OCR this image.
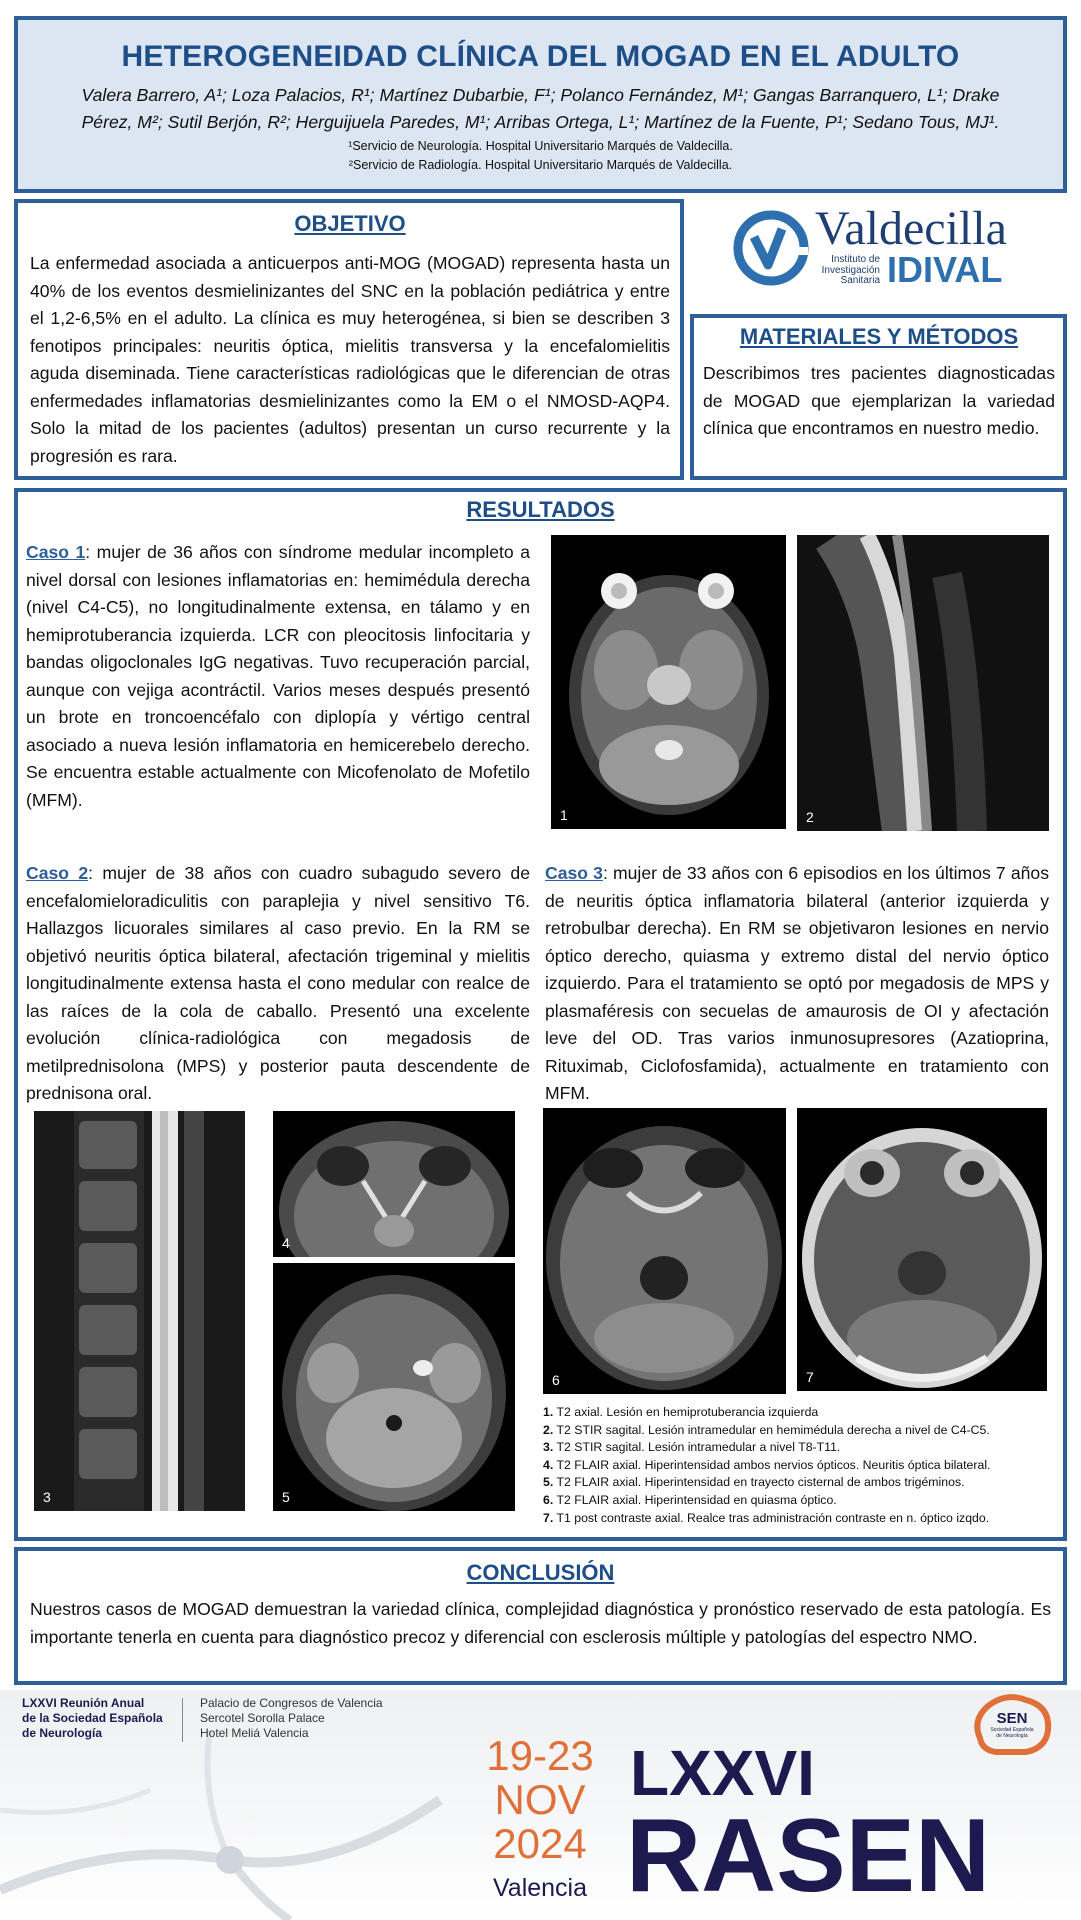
HETEROGENEIDAD CLÍNICA DEL MOGAD EN EL ADULTO
Valera Barrero, A¹; Loza Palacios, R¹; Martínez Dubarbie, F¹; Polanco Fernández, M¹; Gangas Barranquero, L¹; Drake
Pérez, M²; Sutil Berjón, R²; Herguijuela Paredes, M¹; Arribas Ortega, L¹; Martínez de la Fuente, P¹; Sedano Tous, MJ¹.
¹Servicio de Neurología. Hospital Universitario Marqués de Valdecilla.
²Servicio de Radiología. Hospital Universitario Marqués de Valdecilla.
OBJETIVO

La enfermedad asociada a anticuerpos anti-MOG (MOGAD) representa hasta un 40% de los eventos desmielinizantes del SNC en la población pediátrica y entre el 1,2-6,5% en el adulto. La clínica es muy heterogénea, si bien se describen 3 fenotipos principales: neuritis óptica, mielitis transversa y la encefalomielitis aguda diseminada. Tiene características radiológicas que le diferencian de otras enfermedades inflamatorias desmielinizantes como la EM o el NMOSD-AQP4. Solo la mitad de los pacientes (adultos) presentan un curso recurrente y la progresión es rara.

Valdecilla
Instituto de
Investigación
Sanitaria IDIVAL
MATERIALES Y MÉTODOS

Describimos tres pacientes diagnosticadas de MOGAD que ejemplarizan la variedad clínica que encontramos en nuestro medio.

RESULTADOS

Caso 1: mujer de 36 años con síndrome medular incompleto a nivel dorsal con lesiones inflamatorias en: hemimédula derecha (nivel C4-C5), no longitudinalmente extensa, en tálamo y en hemiprotuberancia izquierda. LCR con pleocitosis linfocitaria y bandas oligoclonales IgG negativas. Tuvo recuperación parcial, aunque con vejiga acontráctil. Varios meses después presentó un brote en troncoencéfalo con diplopía y vértigo central asociado a nueva lesión inflamatoria en hemicerebelo derecho. Se encuentra estable actualmente con Micofenolato de Mofetilo (MFM).

1	2

Caso 2: mujer de 38 años con cuadro subagudo severo de encefalomieloradiculitis con paraplejia y nivel sensitivo T6. Hallazgos licuorales similares al caso previo. En la RM se objetivó neuritis óptica bilateral, afectación trigeminal y mielitis longitudinalmente extensa hasta el cono medular con realce de las raíces de la cola de caballo. Presentó una excelente evolución clínica-radiológica con megadosis de metilprednisolona (MPS) y posterior pauta descendente de prednisona oral.

Caso 3: mujer de 33 años con 6 episodios en los últimos 7 años de neuritis óptica inflamatoria bilateral (anterior izquierda y retrobulbar derecha). En RM se objetivaron lesiones en nervio óptico derecho, quiasma y extremo distal del nervio óptico izquierdo. Para el tratamiento se optó por megadosis de MPS y plasmaféresis con secuelas de amaurosis de OI y afectación leve del OD. Tras varios inmunosupresores (Azatioprina, Rituximab, Ciclofosfamida), actualmente en tratamiento con MFM.

3
4
5
6	7

1. T2 axial. Lesión en hemiprotuberancia izquierda

2. T2 STIR sagital. Lesión intramedular en hemimédula derecha a nivel de C4-C5.

3. T2 STIR sagital. Lesión intramedular a nivel T8-T11.

4. T2 FLAIR axial. Hiperintensidad ambos nervios ópticos. Neuritis óptica bilateral.

5. T2 FLAIR axial. Hiperintensidad en trayecto cisternal de ambos trigéminos.

6. T2 FLAIR axial. Hiperintensidad en quiasma óptico.

7. T1 post contraste axial. Realce tras administración contraste en n. óptico izqdo.

CONCLUSIÓN

Nuestros casos de MOGAD demuestran la variedad clínica, complejidad diagnóstica y pronóstico reservado de esta patología. Es importante tenerla en cuenta para diagnóstico precoz y diferencial con esclerosis múltiple y patologías del espectro NMO.

LXXVI Reunión Anual
de la Sociedad Española
de Neurología
Palacio de Congresos de Valencia
Sercotel Sorolla Palace
Hotel Meliá Valencia	19-23
NOV
2024
Valencia
LXXVI
RASEN
SEN
Sociedad Española
de Neurología
